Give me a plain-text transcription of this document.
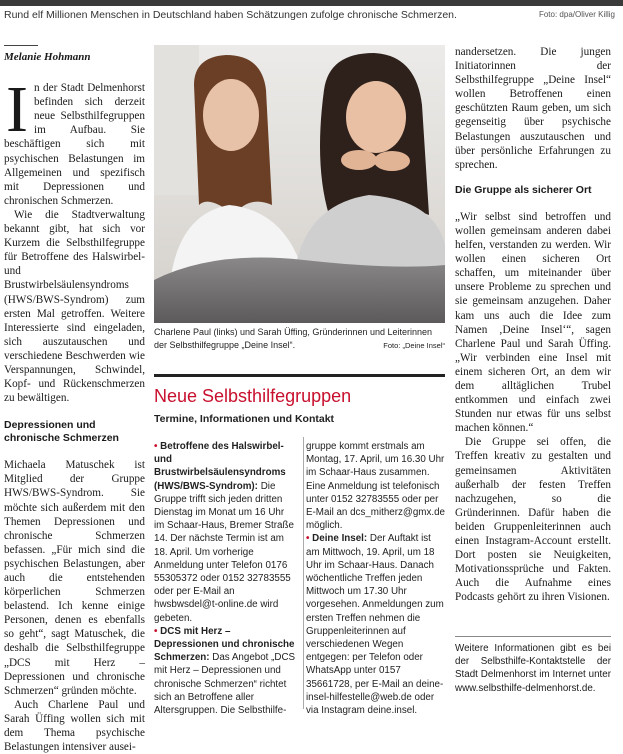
Rund elf Millionen Menschen in Deutschland haben Schätzungen zufolge chronische Schmerzen.	Foto: dpa/Oliver Killig
Melanie Hohmann

I n der Stadt Delmenhorst befinden sich derzeit neue Selbsthilfegruppen im Aufbau. Sie beschäftigen sich mit psychischen Belastungen im Allgemeinen und spezifisch mit Depressionen und chronischen Schmerzen.

Wie die Stadtverwaltung bekannt gibt, hat sich vor Kurzem die Selbsthilfegruppe für Betroffene des Halswirbel- und Brustwirbelsäulensyndroms (HWS/BWS-Syndrom) zum ersten Mal getroffen. Weitere Interessierte sind eingeladen, sich auszutauschen und verschiedene Beschwerden wie Verspannungen, Schwindel, Kopf- und Rückenschmerzen zu bewältigen.

Depressionen und chronische Schmerzen

Michaela Matuschek ist Mitglied der Gruppe HWS/BWS-Syndrom. Sie möchte sich außerdem mit den Themen Depressionen und chronische Schmerzen befassen. „Für mich sind die psychischen Belastungen, aber auch die entstehenden körperlichen Schmerzen belastend. Ich kenne einige Personen, denen es ebenfalls so geht“, sagt Matuschek, die deshalb die Selbsthilfegruppe „DCS mit Herz – Depressionen und chronische Schmerzen“ gründen möchte.

Auch Charlene Paul und Sarah Üffing wollen sich mit dem Thema psychische Belastungen intensiver ausei-

Charlene Paul (links) und Sarah Üffing, Gründerinnen und Leiterinnen der Selbsthilfegruppe „Deine Insel“.	Foto: „Deine Insel“
Neue Selbsthilfegruppen
Termine, Informationen und Kontakt

• Betroffene des Halswirbel- und Brustwirbelsäulensyndroms (HWS/BWS-Syndrom): Die Gruppe trifft sich jeden dritten Dienstag im Monat um 16 Uhr im Schaar-Haus, Bremer Straße 14. Der nächste Termin ist am 18. April. Um vorherige Anmeldung unter Telefon 0176 55305372 oder 0152 32783555 oder per E-Mail an hwsbwsdel@t-online.de wird gebeten.

• DCS mit Herz – Depressionen und chronische Schmerzen: Das Angebot „DCS mit Herz – Depressionen und chronische Schmerzen“ richtet sich an Betroffene aller Altersgruppen. Die Selbsthilfe-

gruppe kommt erstmals am Montag, 17. April, um 16.30 Uhr im Schaar-Haus zusammen. Eine Anmeldung ist telefonisch unter 0152 32783555 oder per E-Mail an dcs_mitherz@gmx.de möglich.

• Deine Insel: Der Auftakt ist am Mittwoch, 19. April, um 18 Uhr im Schaar-Haus. Danach wöchentliche Treffen jeden Mittwoch um 17.30 Uhr vorgesehen. Anmeldungen zum ersten Treffen nehmen die Gruppenleiterinnen auf verschiedenen Wegen entgegen: per Telefon oder WhatsApp unter 0157 35661728, per E-Mail an deine-insel-hilfestelle@web.de oder via Instagram deine.insel.

nandersetzen. Die jungen Initiatorinnen der Selbsthilfegruppe „Deine Insel“ wollen Betroffenen einen geschützten Raum geben, um sich gegenseitig über psychische Belastungen auszutauschen und über persönliche Erfahrungen zu sprechen.

Die Gruppe als sicherer Ort

„Wir selbst sind betroffen und wollen gemeinsam anderen dabei helfen, verstanden zu werden. Wir wollen einen sicheren Ort schaffen, um miteinander über unsere Probleme zu sprechen und sie gemeinsam anzugehen. Daher kam uns auch die Idee zum Namen ‚Deine Insel‘“, sagen Charlene Paul und Sarah Üffing. „Wir verbinden eine Insel mit einem sicheren Ort, an dem wir dem alltäglichen Trubel entkommen und einfach zwei Stunden nur etwas für uns selbst machen können.“

Die Gruppe sei offen, die Treffen kreativ zu gestalten und gemeinsamen Aktivitäten außerhalb der festen Treffen nachzugehen, so die Gründerinnen. Dafür haben die beiden Gruppenleiterinnen auch einen Instagram-Account erstellt. Dort posten sie Neuigkeiten, Motivationssprüche und Fakten. Auch die Aufnahme eines Podcasts gehört zu ihren Visionen.

Weitere Informationen gibt es bei der Selbsthilfe-Kontaktstelle der Stadt Delmenhorst im Internet unter www.selbsthilfe-delmenhorst.de.
